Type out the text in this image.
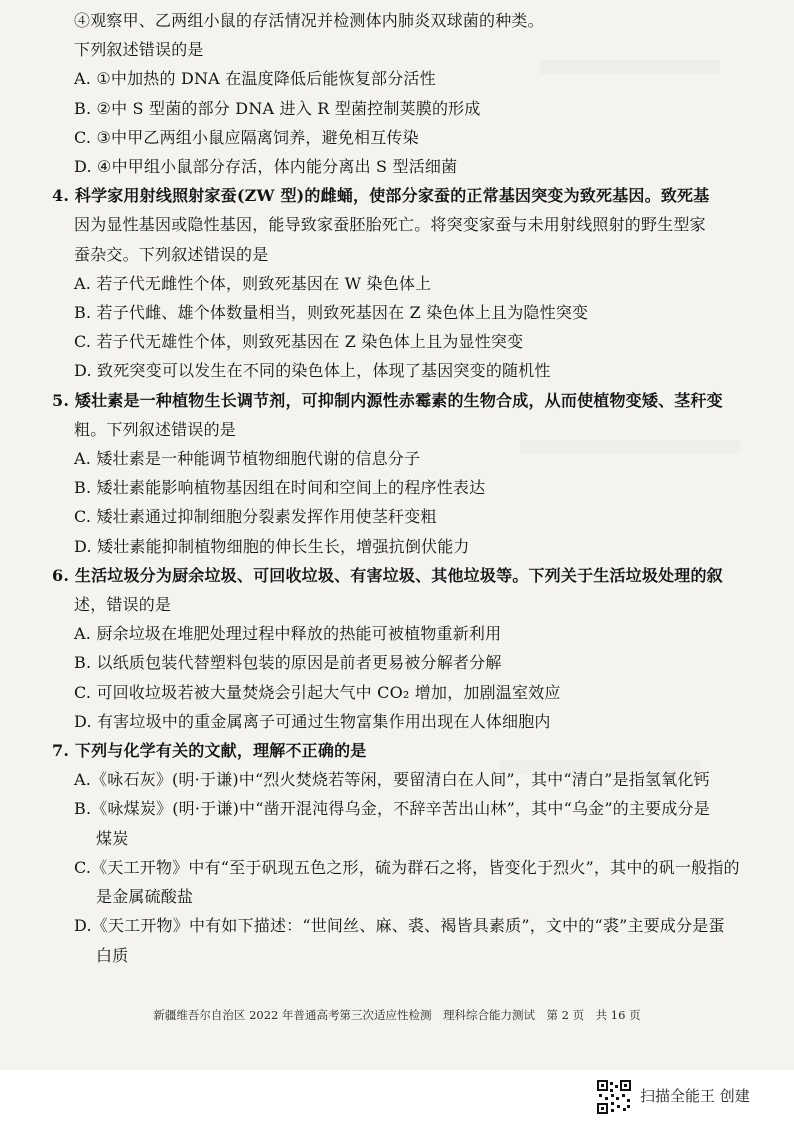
④观察甲、乙两组小鼠的存活情况并检测体内肺炎双球菌的种类。
下列叙述错误的是
A. ①中加热的 DNA 在温度降低后能恢复部分活性
B. ②中 S 型菌的部分 DNA 进入 R 型菌控制荚膜的形成
C. ③中甲乙两组小鼠应隔离饲养，避免相互传染
D. ④中甲组小鼠部分存活，体内能分离出 S 型活细菌
4. 科学家用射线照射家蚕(ZW 型)的雌蛹，使部分家蚕的正常基因突变为致死基因。致死基
因为显性基因或隐性基因，能导致家蚕胚胎死亡。将突变家蚕与未用射线照射的野生型家
蚕杂交。下列叙述错误的是
A. 若子代无雌性个体，则致死基因在 W 染色体上
B. 若子代雌、雄个体数量相当，则致死基因在 Z 染色体上且为隐性突变
C. 若子代无雄性个体，则致死基因在 Z 染色体上且为显性突变
D. 致死突变可以发生在不同的染色体上，体现了基因突变的随机性
5. 矮壮素是一种植物生长调节剂，可抑制内源性赤霉素的生物合成，从而使植物变矮、茎秆变
粗。下列叙述错误的是
A. 矮壮素是一种能调节植物细胞代谢的信息分子
B. 矮壮素能影响植物基因组在时间和空间上的程序性表达
C. 矮壮素通过抑制细胞分裂素发挥作用使茎秆变粗
D. 矮壮素能抑制植物细胞的伸长生长，增强抗倒伏能力
6. 生活垃圾分为厨余垃圾、可回收垃圾、有害垃圾、其他垃圾等。下列关于生活垃圾处理的叙
述，错误的是
A. 厨余垃圾在堆肥处理过程中释放的热能可被植物重新利用
B. 以纸质包装代替塑料包装的原因是前者更易被分解者分解
C. 可回收垃圾若被大量焚烧会引起大气中 CO₂ 增加，加剧温室效应
D. 有害垃圾中的重金属离子可通过生物富集作用出现在人体细胞内
7. 下列与化学有关的文献，理解不正确的是
A.《咏石灰》(明·于谦)中“烈火焚烧若等闲，要留清白在人间”，其中“清白”是指氢氧化钙
B.《咏煤炭》(明·于谦)中“凿开混沌得乌金，不辞辛苦出山林”，其中“乌金”的主要成分是
煤炭
C.《天工开物》中有“至于矾现五色之形，硫为群石之将，皆变化于烈火”，其中的矾一般指的
是金属硫酸盐
D.《天工开物》中有如下描述：“世间丝、麻、裘、褐皆具素质”，文中的“裘”主要成分是蛋
白质
新疆维吾尔自治区 2022 年普通高考第三次适应性检测　理科综合能力测试　第 2 页　共 16 页
扫描全能王 创建
